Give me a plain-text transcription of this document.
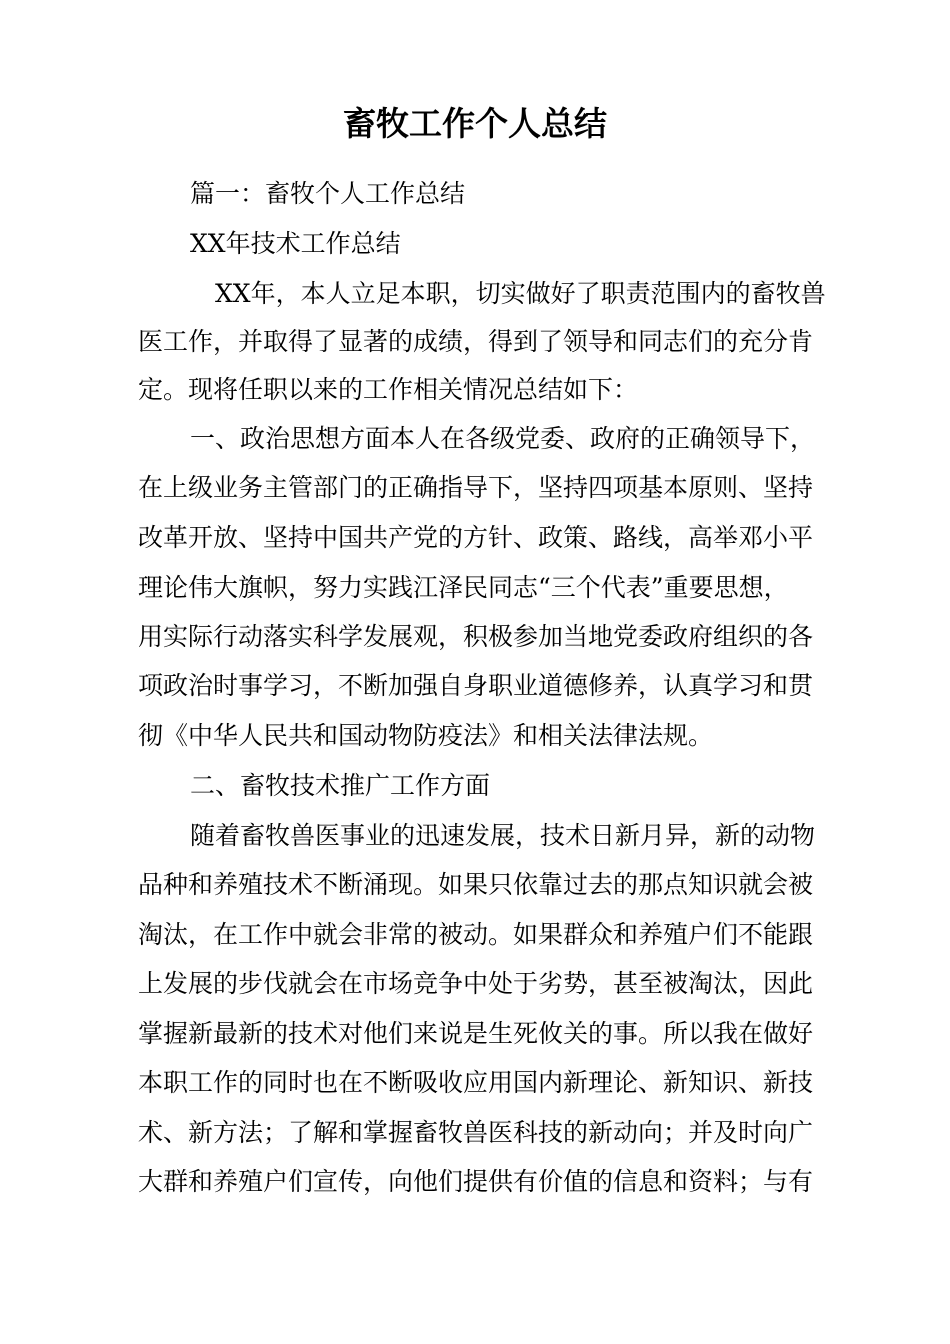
畜牧工作个人总结

篇一：畜牧个人工作总结

XX年技术工作总结

XX年，本人立足本职，切实做好了职责范围内的畜牧兽

医工作，并取得了显著的成绩，得到了领导和同志们的充分肯

定。现将任职以来的工作相关情况总结如下：

一、政治思想方面本人在各级党委、政府的正确领导下，

在上级业务主管部门的正确指导下，坚持四项基本原则、坚持

改革开放、坚持中国共产党的方针、政策、路线，高举邓小平

理论伟大旗帜，努力实践江泽民同志“三个代表”重要思想，

用实际行动落实科学发展观，积极参加当地党委政府组织的各

项政治时事学习，不断加强自身职业道德修养，认真学习和贯

彻《中华人民共和国动物防疫法》和相关法律法规。

二、畜牧技术推广工作方面

随着畜牧兽医事业的迅速发展，技术日新月异，新的动物

品种和养殖技术不断涌现。如果只依靠过去的那点知识就会被

淘汰，在工作中就会非常的被动。如果群众和养殖户们不能跟

上发展的步伐就会在市场竞争中处于劣势，甚至被淘汰，因此

掌握新最新的技术对他们来说是生死攸关的事。所以我在做好

本职工作的同时也在不断吸收应用国内新理论、新知识、新技

术、新方法；了解和掌握畜牧兽医科技的新动向；并及时向广

大群和养殖户们宣传，向他们提供有价值的信息和资料；与有
